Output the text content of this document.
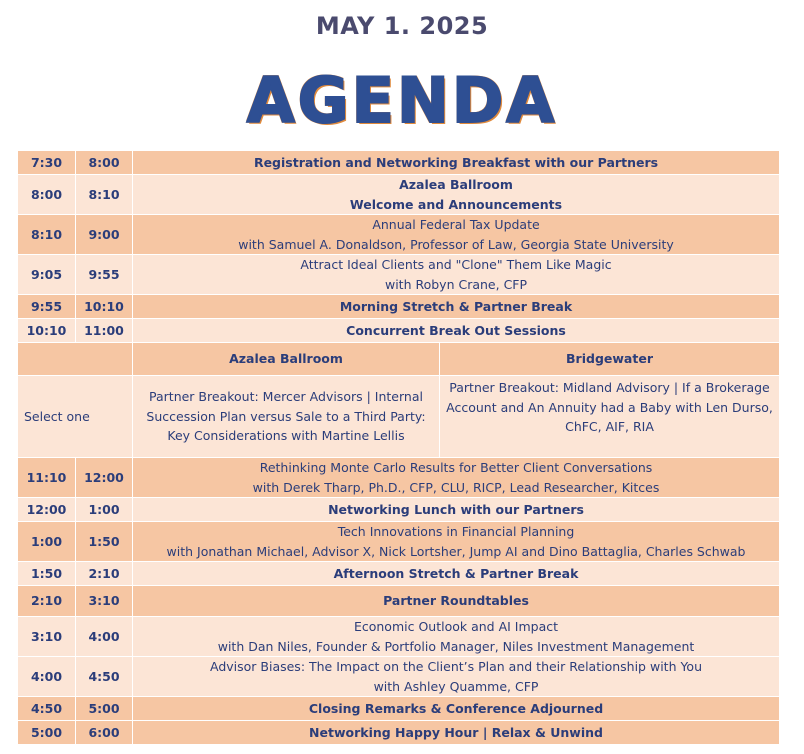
MAY 1. 2025
AGENDA
7:30	8:00	Registration and Networking Breakfast with our Partners	
8:00	8:10	Azalea Ballroom
Welcome and Announcements	

8:10	9:00	Annual Federal Tax Update
with Samuel A. Donaldson, Professor of Law, Georgia State University	

9:05	9:55	Attract Ideal Clients and "Clone" Them Like Magic
with Robyn Crane, CFP	

9:55	10:10	Morning Stretch & Partner Break	
10:10	11:00	Concurrent Break Out Sessions	
		Azalea Ballroom	Bridgewater
Select one		Partner Breakout: Mercer Advisors | Internal Succession Plan versus Sale to a Third Party: Key Considerations with Martine Lellis	Partner Breakout: Midland Advisory | If a Brokerage Account and An Annuity had a Baby with Len Durso, ChFC, AIF, RIA
11:10	12:00	Rethinking Monte Carlo Results for Better Client Conversations
with Derek Tharp, Ph.D., CFP, CLU, RICP, Lead Researcher, Kitces	

12:00	1:00	Networking Lunch with our Partners	
1:00	1:50	Tech Innovations in Financial Planning
with Jonathan Michael, Advisor X, Nick Lortsher, Jump AI and Dino Battaglia, Charles Schwab	

1:50	2:10	Afternoon Stretch & Partner Break	
2:10	3:10	Partner Roundtables	
3:10	4:00	Economic Outlook and AI Impact
with Dan Niles, Founder & Portfolio Manager, Niles Investment Management	

4:00	4:50	Advisor Biases: The Impact on the Client’s Plan and their Relationship with You
with Ashley Quamme, CFP	

4:50	5:00	Closing Remarks & Conference Adjourned	
5:00	6:00	Networking Happy Hour | Relax & Unwind	
